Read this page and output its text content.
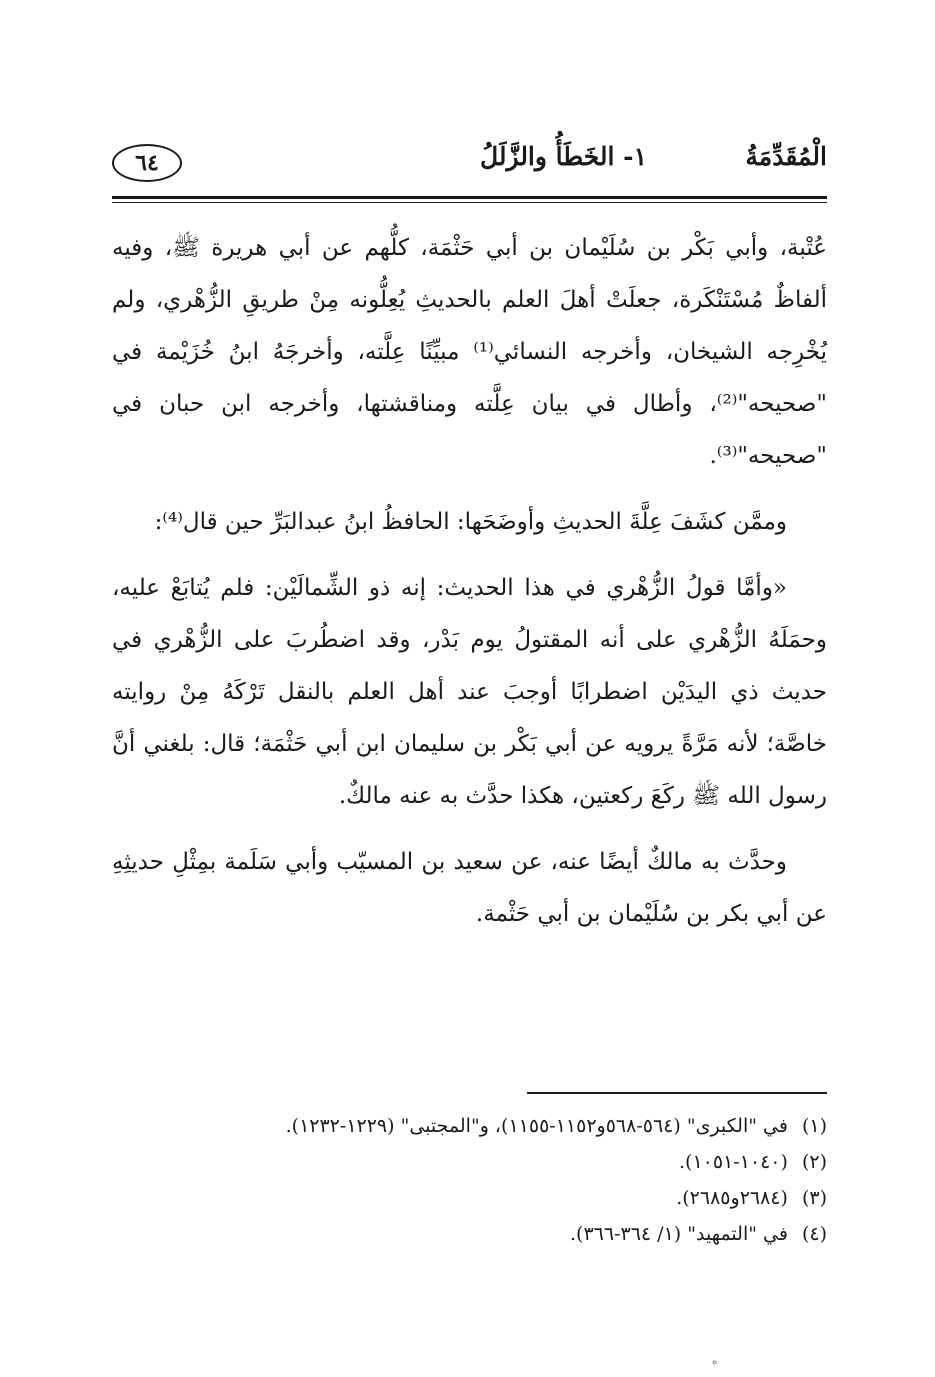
الْمُقَدِّمَةُ
١- الخَطَأُ والزَّلَلُ
٦٤

عُتْبة، وأبي بَكْر بن سُلَيْمان بن أبي حَثْمَة، كلُّهم عن أبي هريرة ﷺ، وفيه ألفاظٌ مُسْتَنْكَرة، جعلَتْ أهلَ العلم بالحديثِ يُعِلُّونه مِنْ طريقِ الزُّهْري، ولم يُخْرِجه الشيخان، وأخرجه النسائي⁽¹⁾ مبيِّنًا عِلَّته، وأخرجَهُ ابنُ خُزَيْمة في "صحيحه"⁽²⁾، وأطال في بيان عِلَّته ومناقشتها، وأخرجه ابن حبان في "صحيحه"⁽³⁾.

وممَّن كشَفَ عِلَّةَ الحديثِ وأوضَحَها: الحافظُ ابنُ عبدالبَرِّ حين قال⁽⁴⁾:

«وأمَّا قولُ الزُّهْري في هذا الحديث: إنه ذو الشِّمالَيْن: فلم يُتابَعْ عليه، وحمَلَهُ الزُّهْري على أنه المقتولُ يوم بَدْر، وقد اضطُربَ على الزُّهْري في حديث ذي اليدَيْن اضطرابًا أوجبَ عند أهل العلم بالنقل تَرْكَهُ مِنْ روايته خاصَّة؛ لأنه مَرَّةً يرويه عن أبي بَكْر بن سليمان ابن أبي حَثْمَة؛ قال: بلغني أنَّ رسول الله ﷺ ركَعَ ركعتين، هكذا حدَّث به عنه مالكٌ.

وحدَّث به مالكٌ أيضًا عنه، عن سعيد بن المسيّب وأبي سَلَمة بمِثْلِ حديثِهِ عن أبي بكر بن سُلَيْمان بن أبي حَثْمة.

(١)في "الكبرى" (٥٦٤-٥٦٨و١١٥٢-١١٥٥)، و"المجتبى" (١٢٢٩-١٢٣٢).

(٢)(١٠٤٠-١٠٥١).

(٣)(٢٦٨٤و٢٦٨٥).

(٤)في "التمهيد" (١/ ٣٦٤-٣٦٦).

ه
